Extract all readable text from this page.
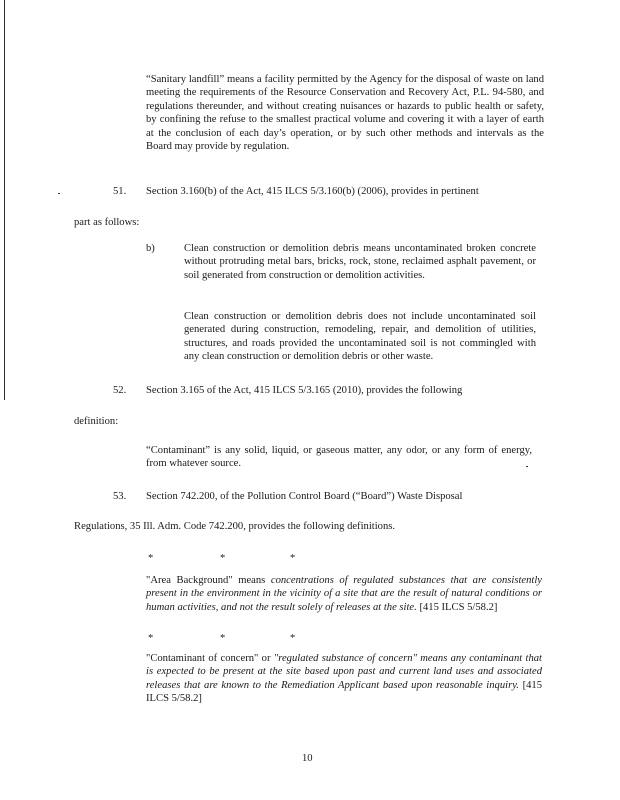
“Sanitary landfill” means a facility permitted by the Agency for the disposal of waste on land meeting the requirements of the Resource Conservation and Recovery Act, P.L. 94-580, and regulations thereunder, and without creating nuisances or hazards to public health or safety, by confining the refuse to the smallest practical volume and covering it with a layer of earth at the conclusion of each day’s operation, or by such other methods and intervals as the Board may provide by regulation.

51. Section 3.160(b) of the Act, 415 ILCS 5/3.160(b) (2006), provides in pertinent

part as follows:

b)	Clean construction or demolition debris means uncontaminated broken concrete without protruding metal bars, bricks, rock, stone, reclaimed asphalt pavement, or soil generated from construction or demolition activities.

Clean construction or demolition debris does not include uncontaminated soil generated during construction, remodeling, repair, and demolition of utilities, structures, and roads provided the uncontaminated soil is not commingled with any clean construction or demolition debris or other waste.

52. Section 3.165 of the Act, 415 ILCS 5/3.165 (2010), provides the following

definition:

“Contaminant” is any solid, liquid, or gaseous matter, any odor, or any form of energy, from whatever source.

53. Section 742.200, of the Pollution Control Board (“Board”) Waste Disposal

Regulations, 35 Ill. Adm. Code 742.200, provides the following definitions.

*	*	*

"Area Background" means concentrations of regulated substances that are consistently present in the environment in the vicinity of a site that are the result of natural conditions or human activities, and not the result solely of releases at the site. [415 ILCS 5/58.2]

*	*	*

"Contaminant of concern" or "regulated substance of concern" means any contaminant that is expected to be present at the site based upon past and current land uses and associated releases that are known to the Remediation Applicant based upon reasonable inquiry. [415 ILCS 5/58.2]

10
